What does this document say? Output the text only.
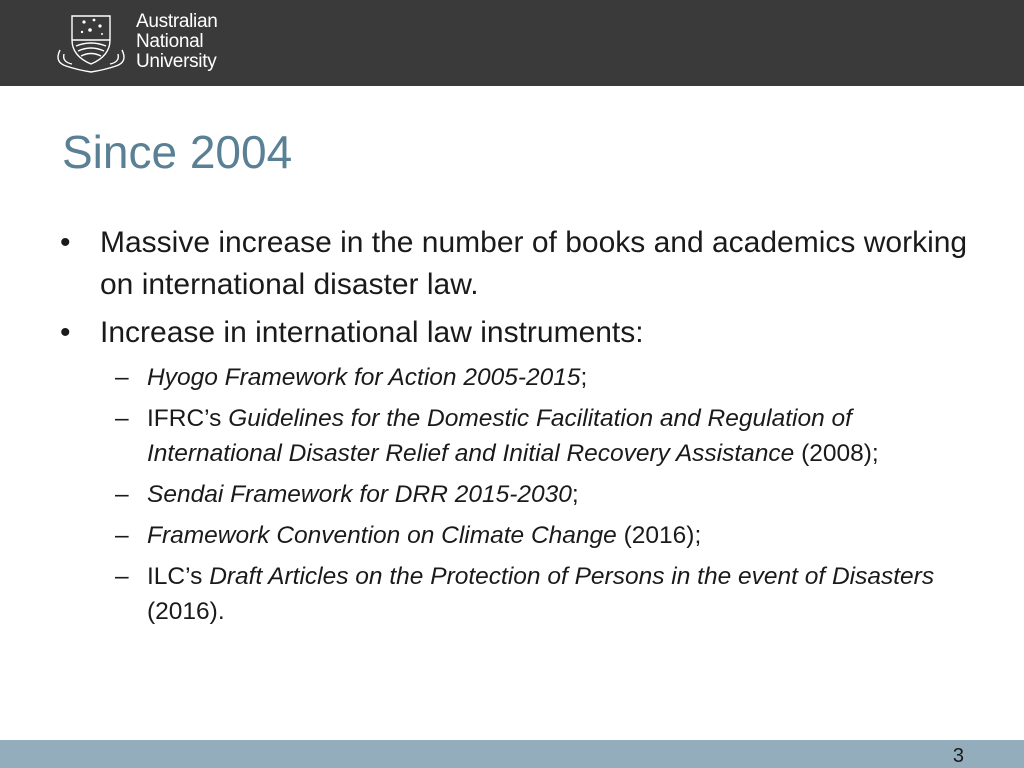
Australian
National
University
Since 2004
• Massive increase in the number of books and academics working on international disaster law.
• Increase in international law instruments:
– Hyogo Framework for Action 2005-2015;
– IFRC’s Guidelines for the Domestic Facilitation and Regulation of International Disaster Relief and Initial Recovery Assistance (2008);
– Sendai Framework for DRR 2015-2030;
– Framework Convention on Climate Change (2016);
– ILC’s Draft Articles on the Protection of Persons in the event of Disasters (2016).
3
